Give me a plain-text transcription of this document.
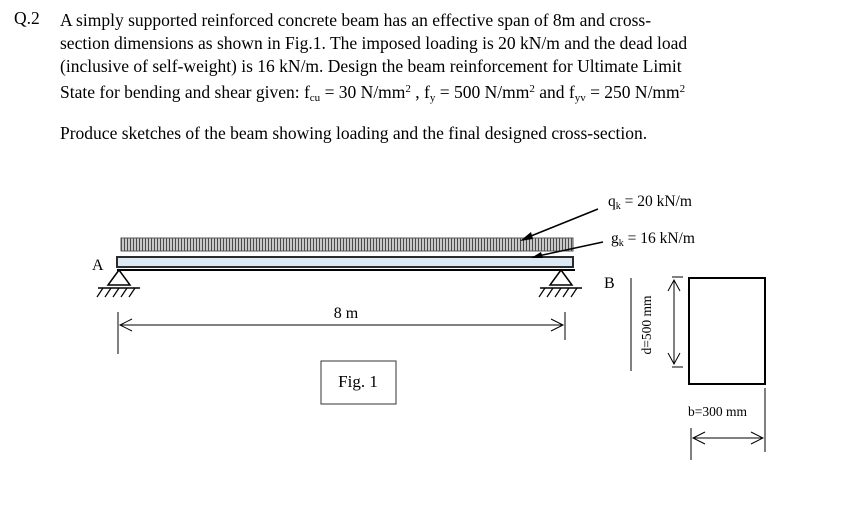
Q.2 A simply supported reinforced concrete beam has an effective span of 8m and cross-
section dimensions as shown in Fig.1. The imposed loading is 20 kN/m and the dead load
(inclusive of self-weight) is 16 kN/m. Design the beam reinforcement for Ultimate Limit
State for bending and shear given: $f_{cu} = 30$ $N/mm^2$ , $f_y = 500$ $N/mm^2$ and $f_{yv} = 250$ $N/mm^2$
Produce sketches of the beam showing loading and the final designed cross-section.
A
B
qk = 20 kN/m
gk = 16 kN/m
8 m
Fig. 1
d=500 mm
b=300 mm
